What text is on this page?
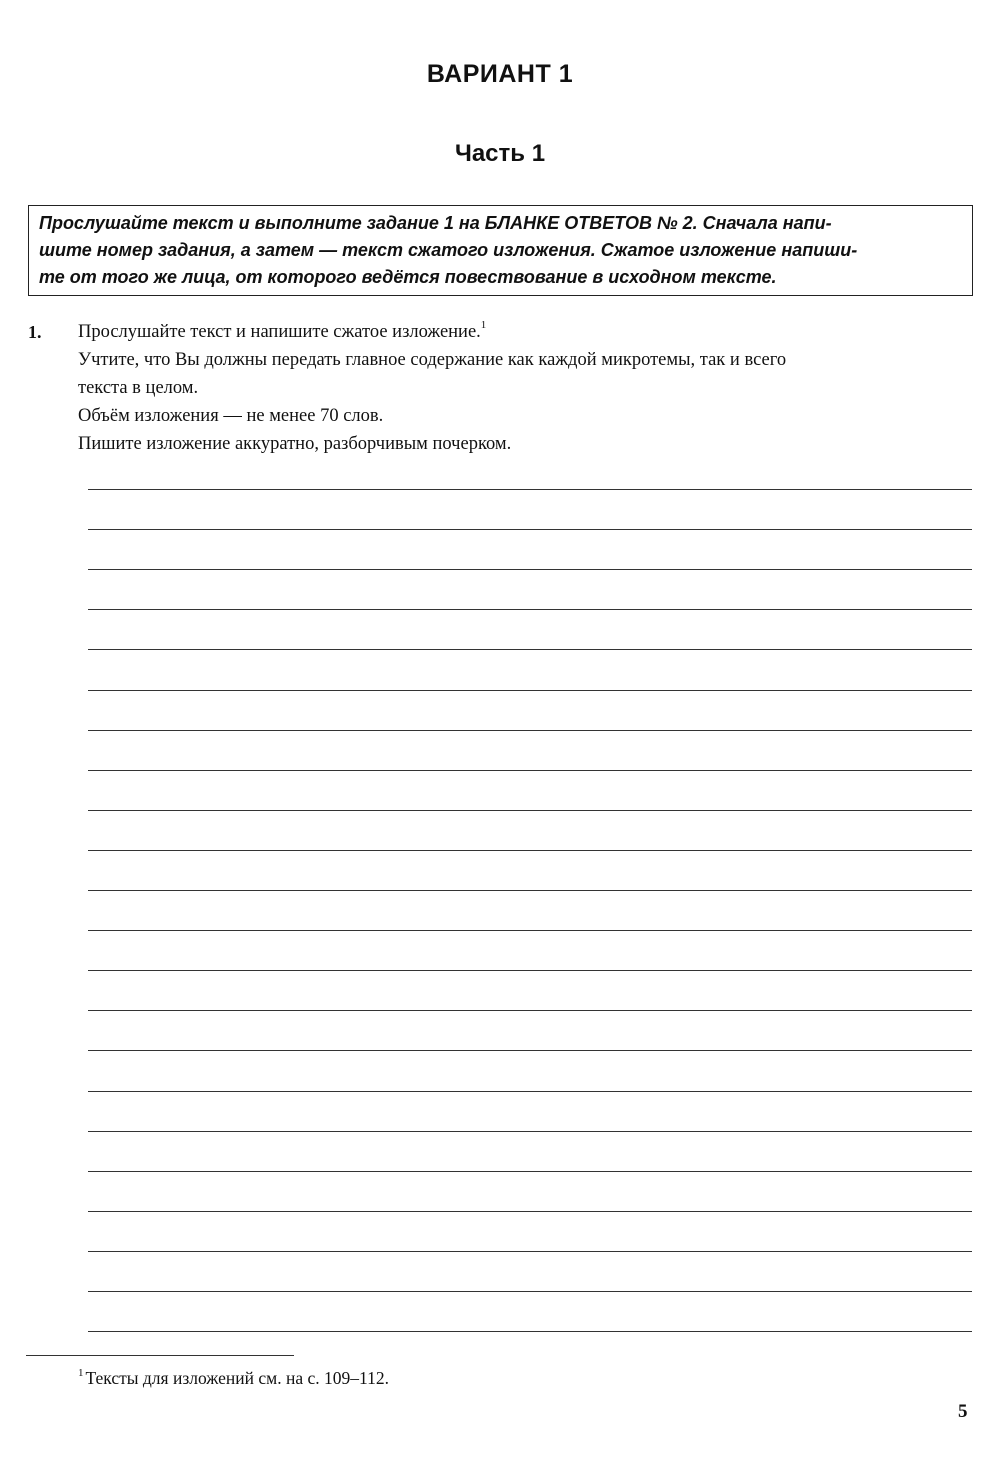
ВАРИАНТ 1
Часть 1
Прослушайте текст и выполните задание 1 на БЛАНКЕ ОТВЕТОВ № 2. Сначала напи-
шите номер задания, а затем — текст сжатого изложения. Сжатое изложение напиши-
те от того же лица, от которого ведётся повествование в исходном тексте.
1. Прослушайте текст и напишите сжатое изложение.$^1$
Учтите, что Вы должны передать главное содержание как каждой микротемы, так и всего
текста в целом.
Объём изложения — не менее 70 слов.
Пишите изложение аккуратно, разборчивым почерком.
$^1$ Тексты для изложений см. на с. 109–112.
5
